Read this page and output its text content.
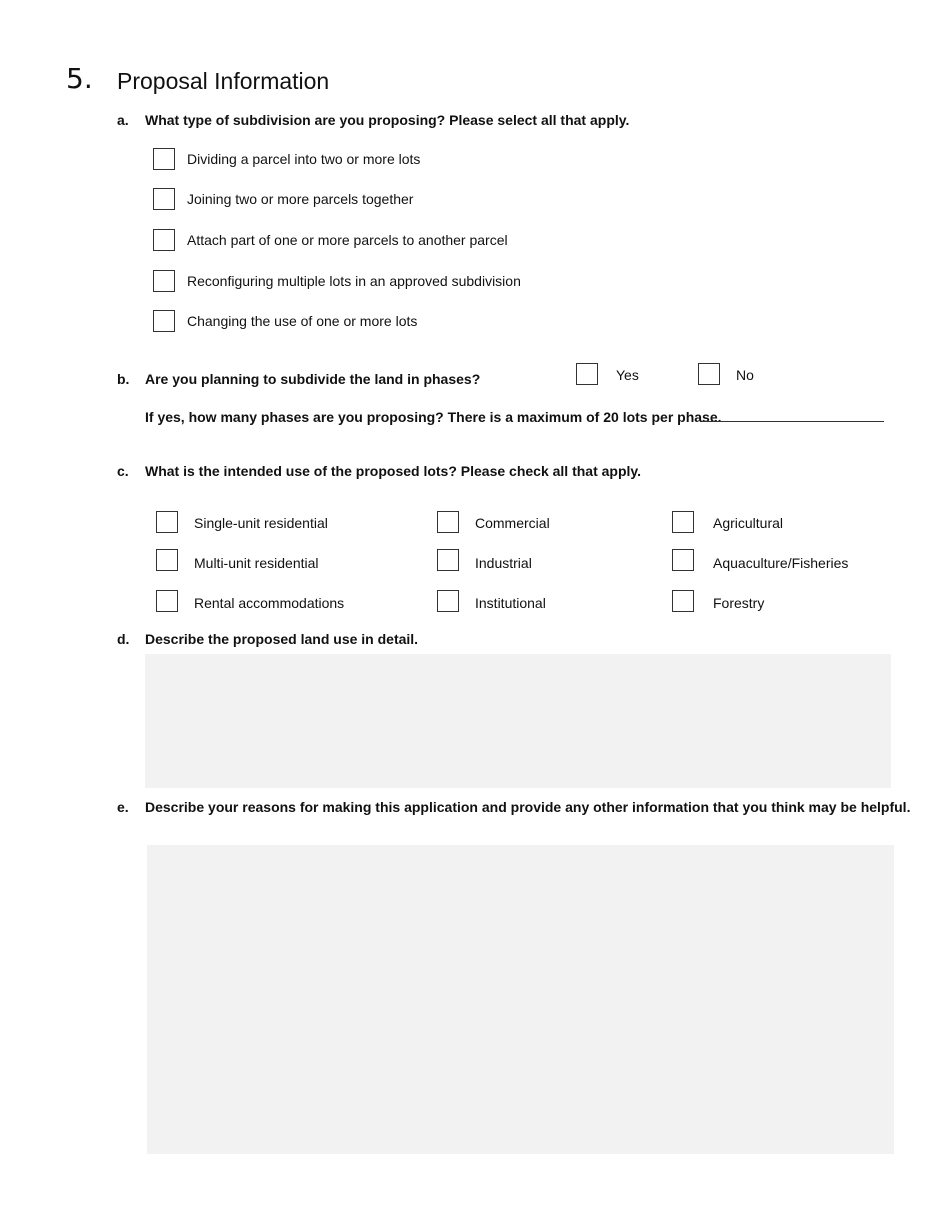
5. Proposal Information
a. What type of subdivision are you proposing? Please select all that apply.
Dividing a parcel into two or more lots
Joining two or more parcels together
Attach part of one or more parcels to another parcel
Reconfiguring multiple lots in an approved subdivision
Changing the use of one or more lots
b. Are you planning to subdivide the land in phases?	Yes	No
If yes, how many phases are you proposing? There is a maximum of 20 lots per phase.
c. What is the intended use of the proposed lots? Please check all that apply.
Single-unit residential	Commercial	Agricultural
Multi-unit residential	Industrial	Aquaculture/Fisheries
Rental accommodations	Institutional	Forestry
d. Describe the proposed land use in detail.
e. Describe your reasons for making this application and provide any other information that you think may be helpful.
